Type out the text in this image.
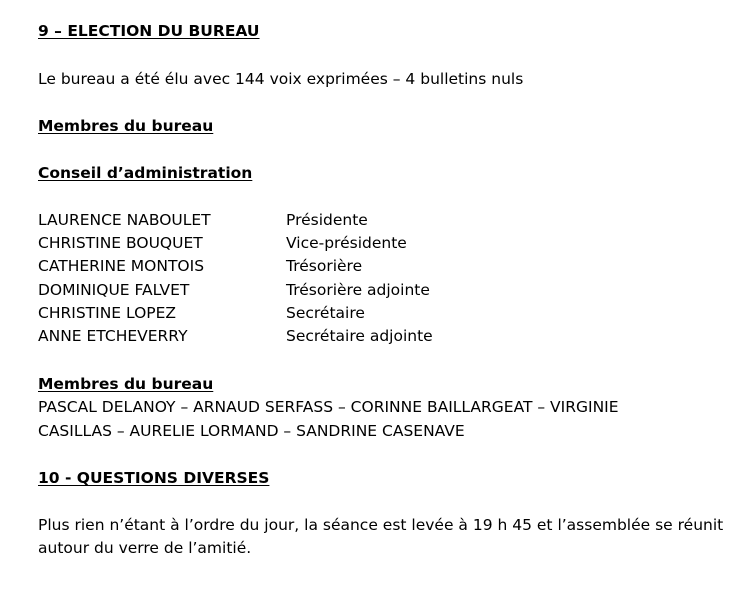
9 – ELECTION DU BUREAU
Le bureau a été élu avec 144 voix exprimées – 4 bulletins nuls
Membres du bureau
Conseil d’administration
LAURENCE NABOULET	Présidente
CHRISTINE BOUQUET	Vice-présidente
CATHERINE MONTOIS	Trésorière
DOMINIQUE FALVET	Trésorière adjointe
CHRISTINE LOPEZ	Secrétaire
ANNE ETCHEVERRY	Secrétaire adjointe
Membres du bureau
PASCAL DELANOY – ARNAUD SERFASS – CORINNE BAILLARGEAT – VIRGINIE
CASILLAS – AURELIE LORMAND – SANDRINE CASENAVE
10 - QUESTIONS DIVERSES
Plus rien n’étant à l’ordre du jour, la séance est levée à 19 h 45 et l’assemblée se réunit
autour du verre de l’amitié.
